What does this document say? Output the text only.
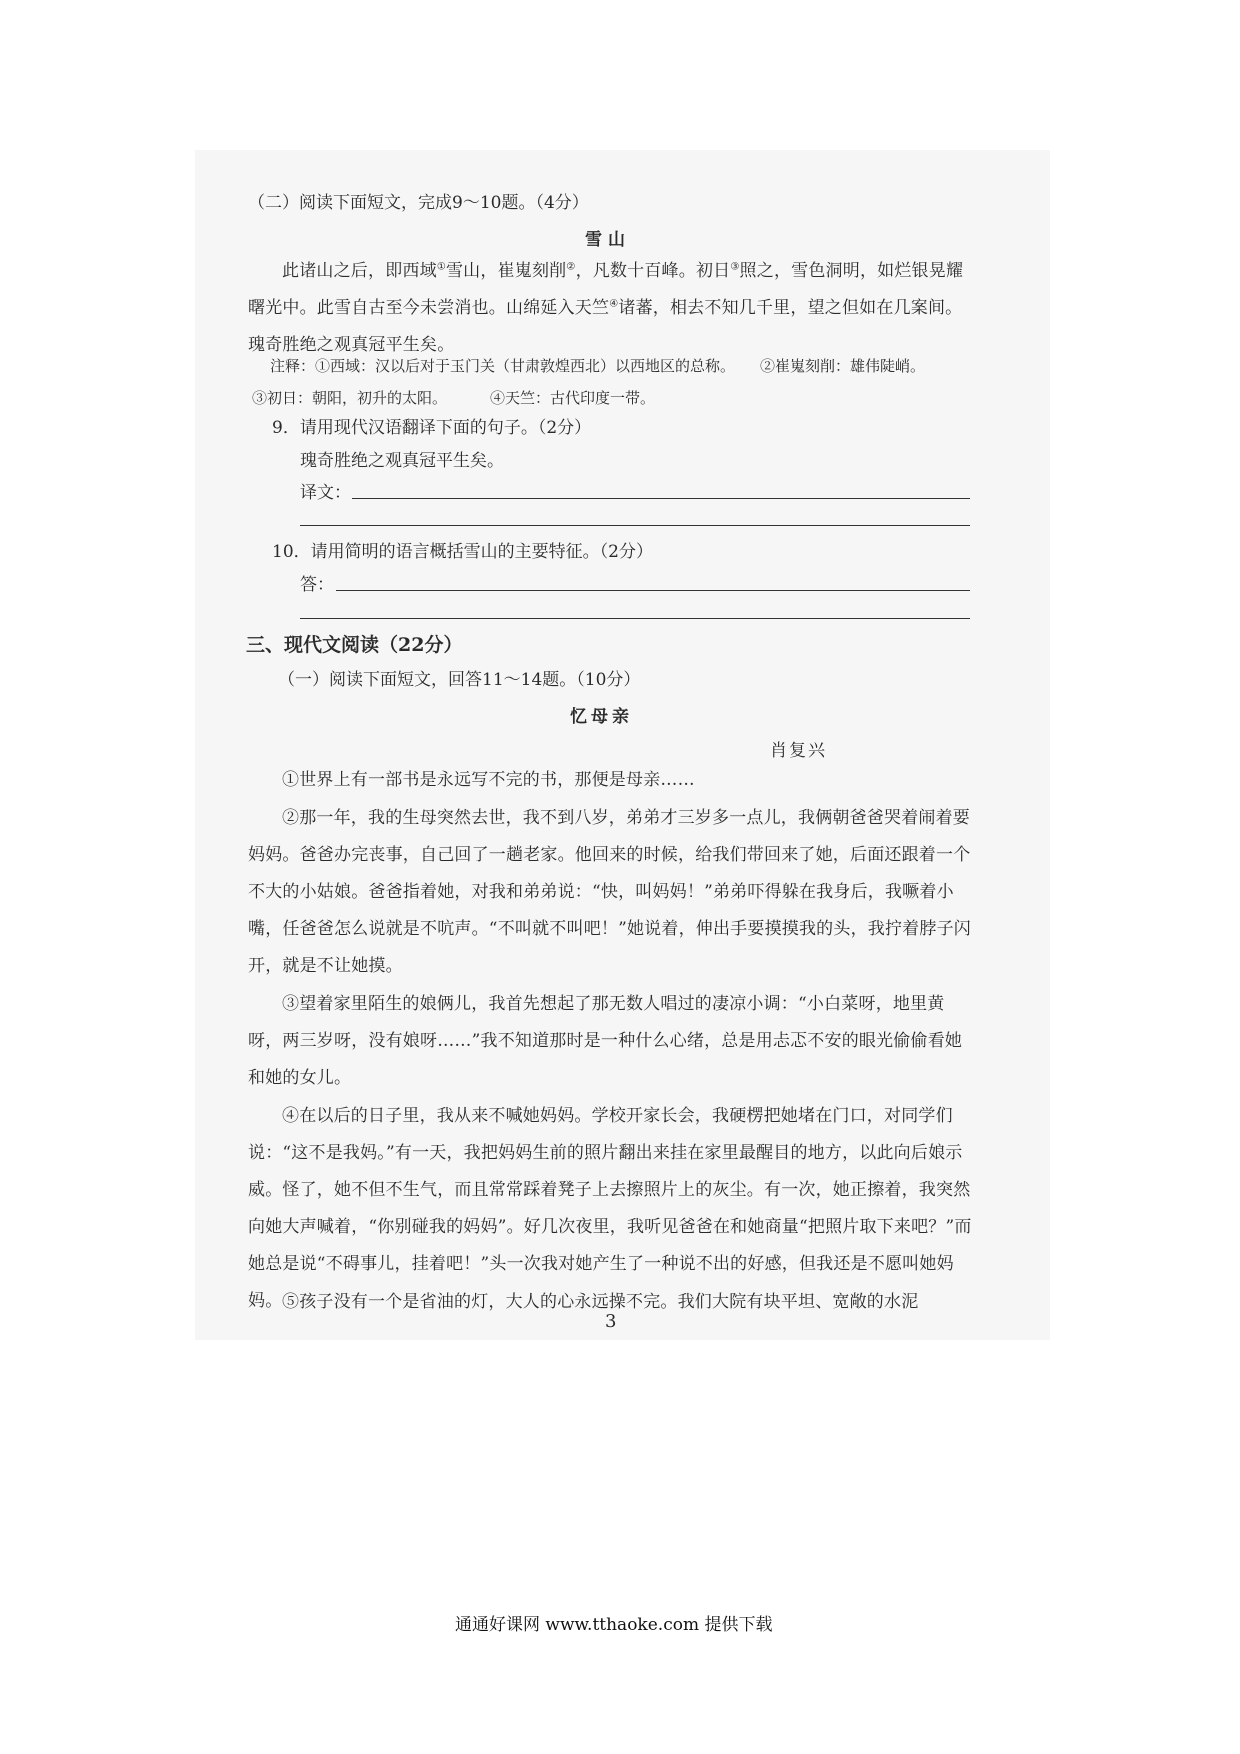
（二）阅读下面短文，完成9～10题。（4分）

雪山

此诸山之后，即西域①雪山，崔嵬刻削②，凡数十百峰。初日③照之，雪色洞明，如烂银晃耀曙光中。此雪自古至今未尝消也。山绵延入天竺④诸蕃，相去不知几千里，望之但如在几案间。瑰奇胜绝之观真冠平生矣。

注释：①西域：汉以后对于玉门关（甘肃敦煌西北）以西地区的总称。 ②崔嵬刻削：雄伟陡峭。

③初日：朝阳，初升的太阳。	④天竺：古代印度一带。

9．请用现代汉语翻译下面的句子。（2分）

瑰奇胜绝之观真冠平生矣。

译文：

10．请用简明的语言概括雪山的主要特征。（2分）

答：

三、现代文阅读（22分）

（一）阅读下面短文，回答11～14题。（10分）

忆母亲

肖复兴

①世界上有一部书是永远写不完的书，那便是母亲……

②那一年，我的生母突然去世，我不到八岁，弟弟才三岁多一点儿，我俩朝爸爸哭着闹着要妈妈。爸爸办完丧事，自己回了一趟老家。他回来的时候，给我们带回来了她，后面还跟着一个不大的小姑娘。爸爸指着她，对我和弟弟说：“快，叫妈妈！”弟弟吓得躲在我身后，我噘着小嘴，任爸爸怎么说就是不吭声。“不叫就不叫吧！”她说着，伸出手要摸摸我的头，我拧着脖子闪开，就是不让她摸。

③望着家里陌生的娘俩儿，我首先想起了那无数人唱过的凄凉小调：“小白菜呀，地里黄呀，两三岁呀，没有娘呀……”我不知道那时是一种什么心绪，总是用忐忑不安的眼光偷偷看她和她的女儿。

④在以后的日子里，我从来不喊她妈妈。学校开家长会，我硬楞把她堵在门口，对同学们说：“这不是我妈。”有一天，我把妈妈生前的照片翻出来挂在家里最醒目的地方，以此向后娘示威。怪了，她不但不生气，而且常常踩着凳子上去擦照片上的灰尘。有一次，她正擦着，我突然向她大声喊着，“你别碰我的妈妈”。好几次夜里，我听见爸爸在和她商量“把照片取下来吧？”而她总是说“不碍事儿，挂着吧！”头一次我对她产生了一种说不出的好感，但我还是不愿叫她妈妈。 ⑤孩子没有一个是省油的灯，大人的心永远操不完。我们大院有块平坦、宽敞的水泥

3

通通好课网 www.tthaoke.com 提供下载
